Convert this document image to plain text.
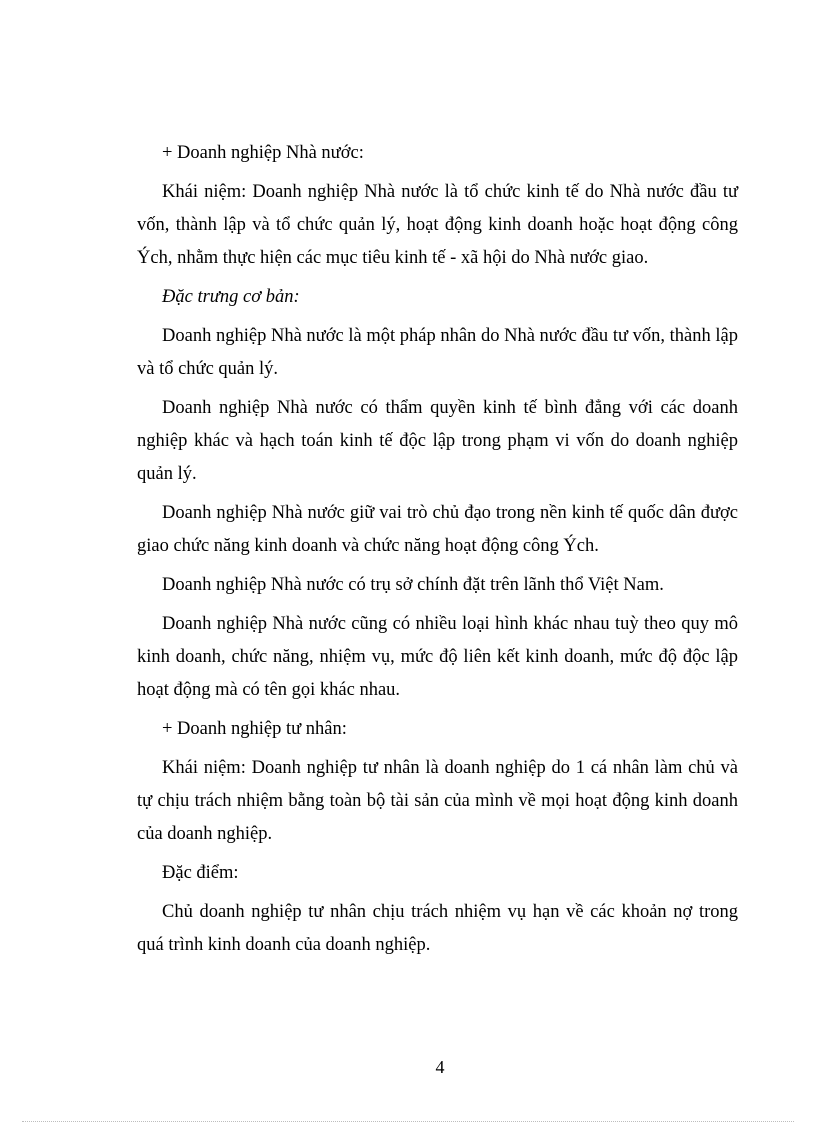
+ Doanh nghiệp Nhà nước:

Khái niệm: Doanh nghiệp Nhà nước là tổ chức kinh tế do Nhà nước đầu tư vốn, thành lập và tổ chức quản lý, hoạt động kinh doanh hoặc hoạt động công Ých, nhằm thực hiện các mục tiêu kinh tế - xã hội do Nhà nước giao.

Đặc trưng cơ bản:

Doanh nghiệp Nhà nước là một pháp nhân do Nhà nước đầu tư vốn, thành lập và tổ chức quản lý.

Doanh nghiệp Nhà nước có thẩm quyền kinh tế bình đẳng với các doanh nghiệp khác và hạch toán kinh tế độc lập trong phạm vi vốn do doanh nghiệp quản lý.

Doanh nghiệp Nhà nước giữ vai trò chủ đạo trong nền kinh tế quốc dân được giao chức năng kinh doanh và chức năng hoạt động công Ých.

Doanh nghiệp Nhà nước có trụ sở chính đặt trên lãnh thổ Việt Nam.

Doanh nghiệp Nhà nước cũng có nhiều loại hình khác nhau tuỳ theo quy mô kinh doanh, chức năng, nhiệm vụ, mức độ liên kết kinh doanh, mức độ độc lập hoạt động mà có tên gọi khác nhau.

+ Doanh nghiệp tư nhân:

Khái niệm: Doanh nghiệp tư nhân là doanh nghiệp do 1 cá nhân làm chủ và tự chịu trách nhiệm bằng toàn bộ tài sản của mình về mọi hoạt động kinh doanh của doanh nghiệp.

Đặc điểm:

Chủ doanh nghiệp tư nhân chịu trách nhiệm vụ hạn về các khoản nợ trong quá trình kinh doanh của doanh nghiệp.

4
